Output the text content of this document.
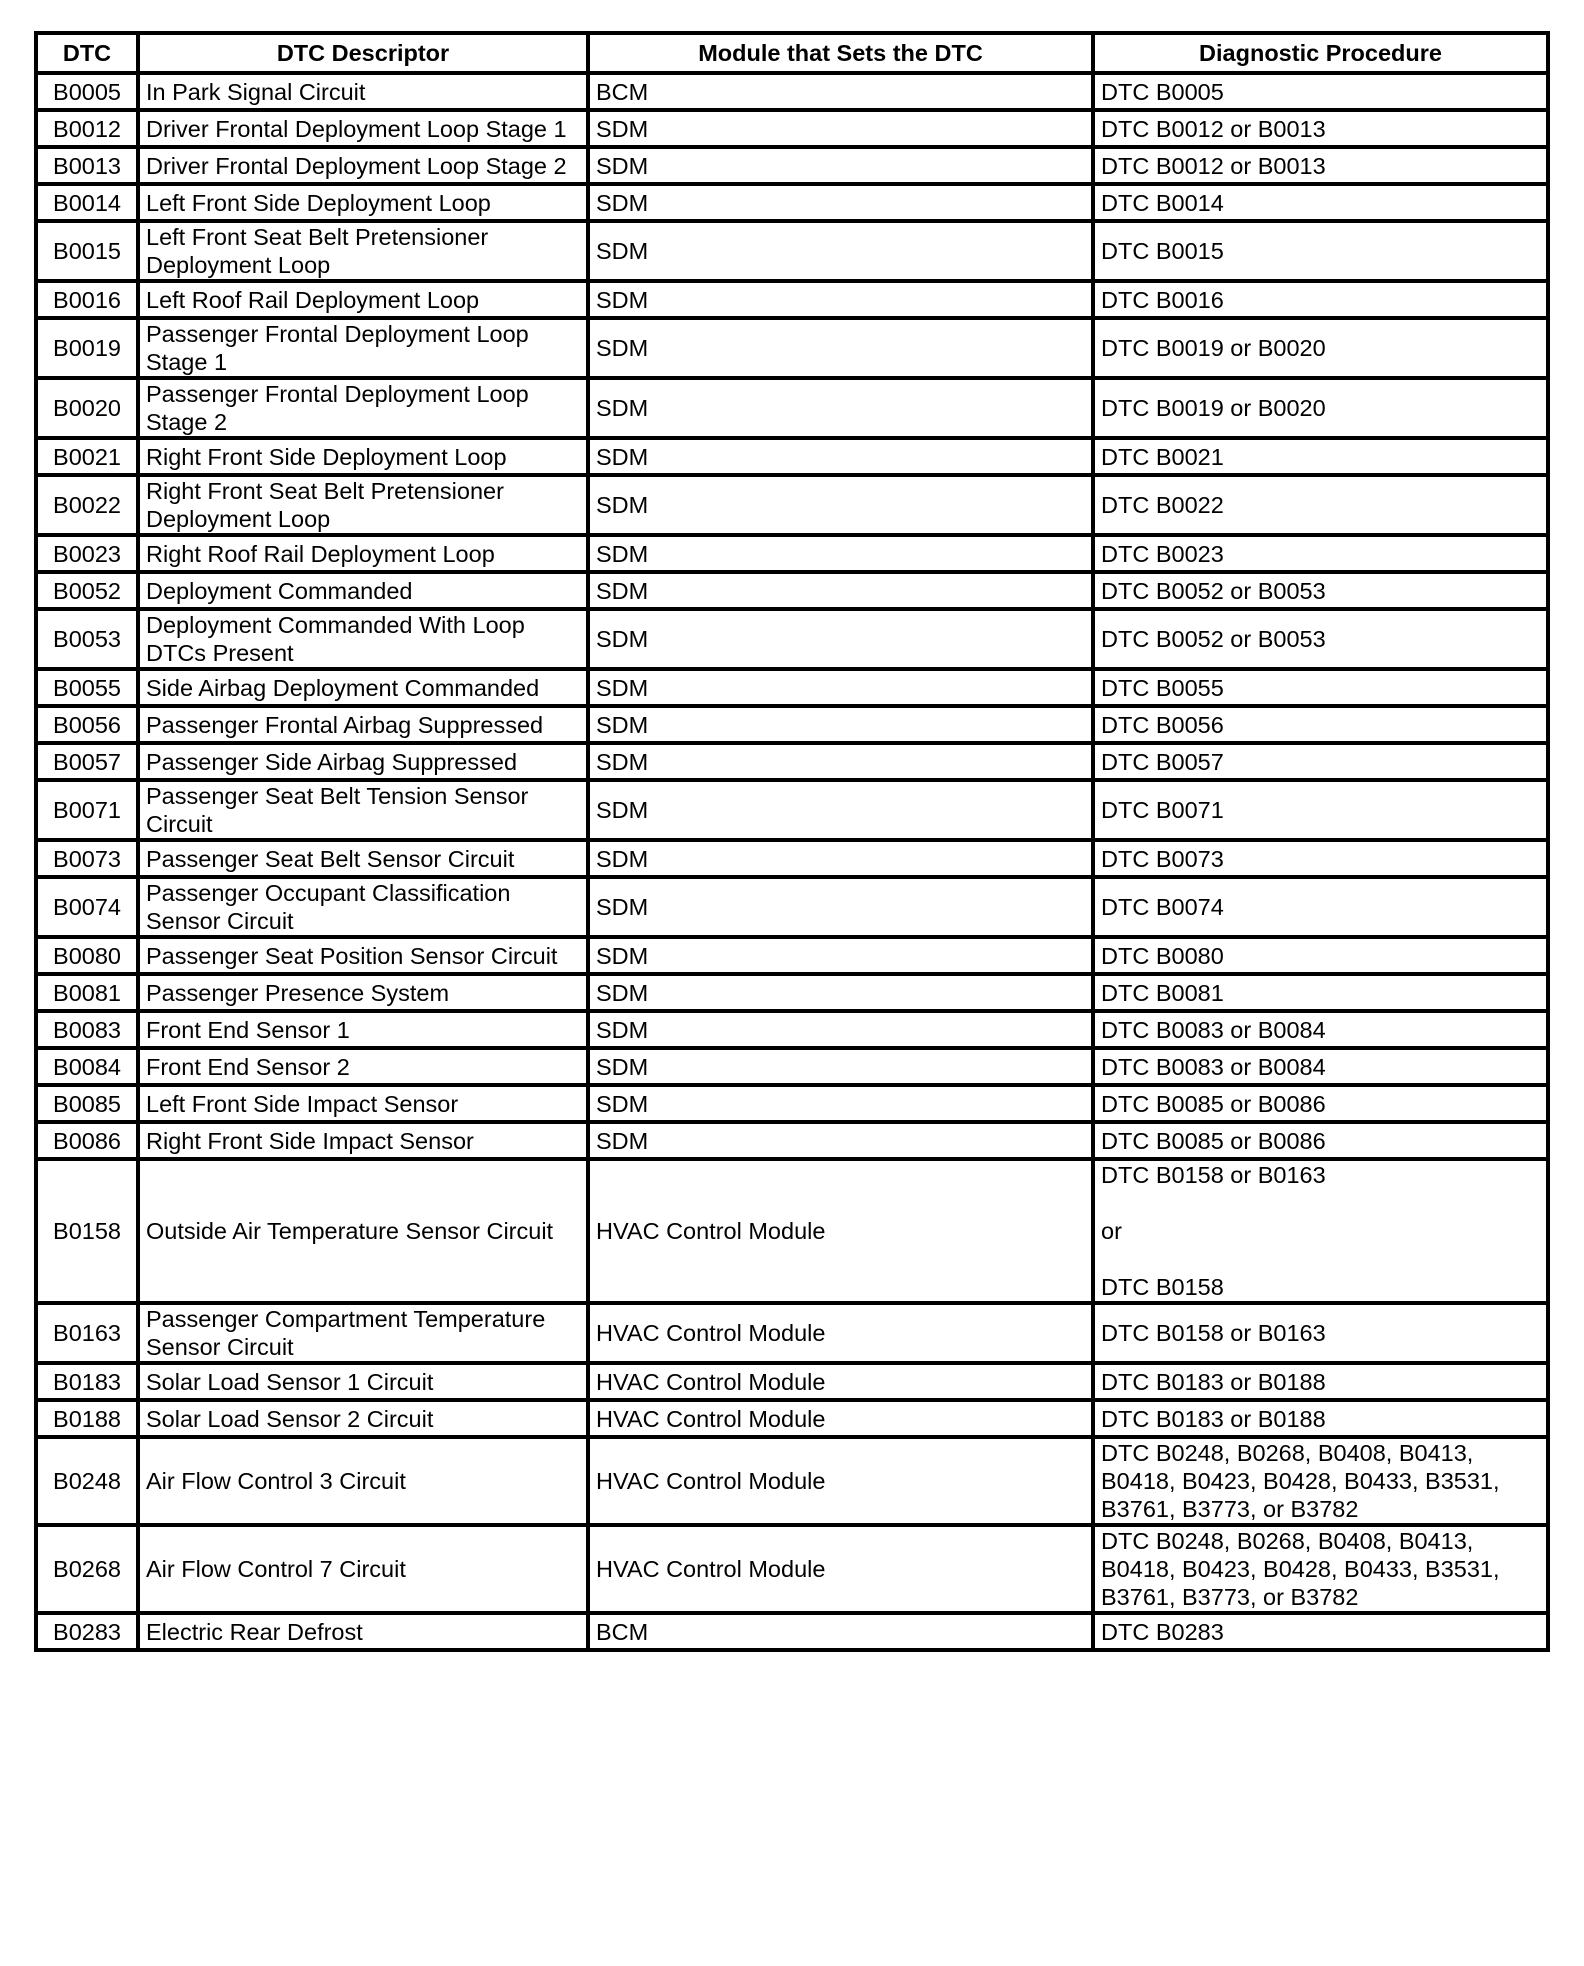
DTC	DTC Descriptor	Module that Sets the DTC	Diagnostic Procedure
B0005	In Park Signal Circuit	BCM	DTC B0005
B0012	Driver Frontal Deployment Loop Stage 1	SDM	DTC B0012 or B0013
B0013	Driver Frontal Deployment Loop Stage 2	SDM	DTC B0012 or B0013
B0014	Left Front Side Deployment Loop	SDM	DTC B0014
B0015	Left Front Seat Belt Pretensioner Deployment Loop	SDM	DTC B0015
B0016	Left Roof Rail Deployment Loop	SDM	DTC B0016
B0019	Passenger Frontal Deployment Loop Stage 1	SDM	DTC B0019 or B0020
B0020	Passenger Frontal Deployment Loop Stage 2	SDM	DTC B0019 or B0020
B0021	Right Front Side Deployment Loop	SDM	DTC B0021
B0022	Right Front Seat Belt Pretensioner Deployment Loop	SDM	DTC B0022
B0023	Right Roof Rail Deployment Loop	SDM	DTC B0023
B0052	Deployment Commanded	SDM	DTC B0052 or B0053
B0053	Deployment Commanded With Loop DTCs Present	SDM	DTC B0052 or B0053
B0055	Side Airbag Deployment Commanded	SDM	DTC B0055
B0056	Passenger Frontal Airbag Suppressed	SDM	DTC B0056
B0057	Passenger Side Airbag Suppressed	SDM	DTC B0057
B0071	Passenger Seat Belt Tension Sensor Circuit	SDM	DTC B0071
B0073	Passenger Seat Belt Sensor Circuit	SDM	DTC B0073
B0074	Passenger Occupant Classification Sensor Circuit	SDM	DTC B0074
B0080	Passenger Seat Position Sensor Circuit	SDM	DTC B0080
B0081	Passenger Presence System	SDM	DTC B0081
B0083	Front End Sensor 1	SDM	DTC B0083 or B0084
B0084	Front End Sensor 2	SDM	DTC B0083 or B0084
B0085	Left Front Side Impact Sensor	SDM	DTC B0085 or B0086
B0086	Right Front Side Impact Sensor	SDM	DTC B0085 or B0086
B0158	Outside Air Temperature Sensor Circuit	HVAC Control Module	DTC B0158 or B0163

or

DTC B0158
B0163	Passenger Compartment Temperature Sensor Circuit	HVAC Control Module	DTC B0158 or B0163
B0183	Solar Load Sensor 1 Circuit	HVAC Control Module	DTC B0183 or B0188
B0188	Solar Load Sensor 2 Circuit	HVAC Control Module	DTC B0183 or B0188
B0248	Air Flow Control 3 Circuit	HVAC Control Module	DTC B0248, B0268, B0408, B0413, B0418, B0423, B0428, B0433, B3531, B3761, B3773, or B3782
B0268	Air Flow Control 7 Circuit	HVAC Control Module	DTC B0248, B0268, B0408, B0413, B0418, B0423, B0428, B0433, B3531, B3761, B3773, or B3782
B0283	Electric Rear Defrost	BCM	DTC B0283
